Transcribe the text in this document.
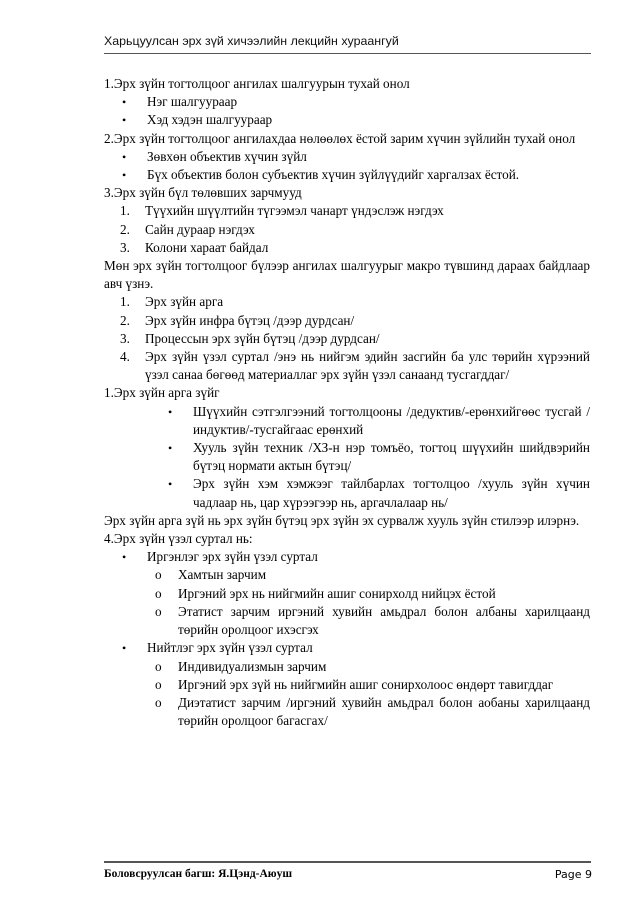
Харьцуулсан эрх зүй хичээлийн лекцийн хураангуй

1.Эрх зүйн тогтолцоог ангилах шалгуурын тухай онол

•	Нэг шалгуураар
•	Хэд хэдэн шалгуураар

2.Эрх зүйн тогтолцоог ангилахдаа нөлөөлөх ёстой зарим хүчин зүйлийн тухай онол

•	Зөвхөн объектив хүчин зүйл
•	Бүх объектив болон субъектив хүчин зүйлүүдийг харгалзах ёстой.

3.Эрх зүйн бүл төлөвших зарчмууд

1.	Түүхийн шүүлтийн түгээмэл чанарт үндэслэж нэгдэх
2.	Сайн дураар нэгдэх
3.	Колони хараат байдал

Мөн эрх зүйн тогтолцоог бүлээр ангилах шалгуурыг макро түвшинд дараах байдлаар авч үзнэ.

1.	Эрх зүйн арга
2.	Эрх зүйн инфра бүтэц /дээр дурдсан/
3.	Процессын эрх зүйн бүтэц /дээр дурдсан/
4.	Эрх зүйн үзэл суртал /энэ нь нийгэм эдийн засгийн ба улс төрийн хүрээний үзэл санаа бөгөөд материаллаг эрх зүйн үзэл санаанд тусгагддаг/

1.Эрх зүйн арга зүйг

•	Шүүхийн сэтгэлгээний тогтолцооны /дедуктив/-ерөнхийгөөс тусгай /индуктив/-тусгайгаас ерөнхий
•	Хууль зүйн техник /ХЗ-н нэр томъёо, тогтоц шүүхийн шийдвэрийн бүтэц нормати актын бүтэц/
•	Эрх зүйн хэм хэмжээг тайлбарлах тогтолцоо /хууль зүйн хүчин чадлаар нь, цар хүрээгээр нь, аргачлалаар нь/

Эрх зүйн арга зүй нь эрх зүйн бүтэц эрх зүйн эх сурвалж хууль зүйн стилээр илэрнэ.

4.Эрх зүйн үзэл суртал нь:

•	Иргэнлэг эрх зүйн үзэл суртал
o	Хамтын зарчим
o	Иргэний эрх нь нийгмийн ашиг сонирхолд нийцэх ёстой
o	Этатист зарчим иргэний хувийн амьдрал болон албаны харилцаанд төрийн оролцоог ихэсгэх
•	Нийтлэг эрх зүйн үзэл суртал
o	Индивидуализмын зарчим
o	Иргэний эрх зүй нь нийгмийн ашиг сонирхолоос өндөрт тавигддаг
o	Диэтатист зарчим /иргэний хувийн амьдрал болон аобаны харилцаанд төрийн оролцоог багасгах/
Боловсруулсан багш: Я.Цэнд-Аюуш	Page 9
